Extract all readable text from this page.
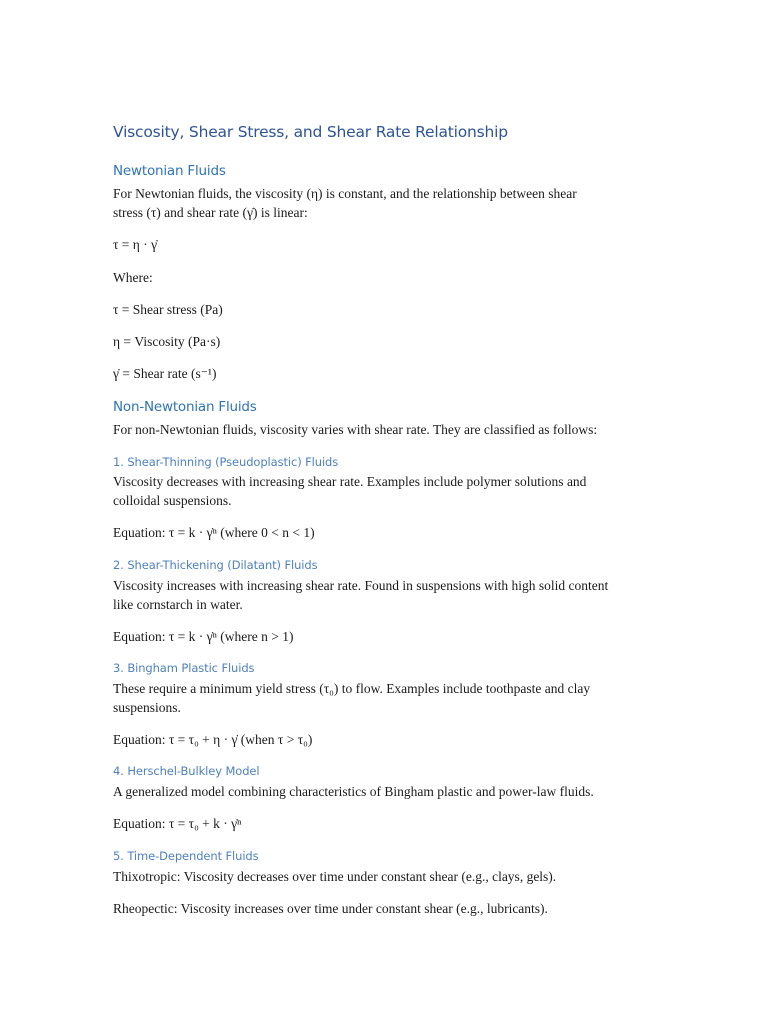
Viscosity, Shear Stress, and Shear Rate Relationship
Newtonian Fluids
For Newtonian fluids, the viscosity (η) is constant, and the relationship between shear
stress (τ) and shear rate (γ̇) is linear:
τ = η · γ̇
Where:
τ = Shear stress (Pa)
η = Viscosity (Pa·s)
γ̇ = Shear rate (s⁻¹)
Non-Newtonian Fluids
For non-Newtonian fluids, viscosity varies with shear rate. They are classified as follows:
1. Shear-Thinning (Pseudoplastic) Fluids
Viscosity decreases with increasing shear rate. Examples include polymer solutions and
colloidal suspensions.
Equation: τ = k · γ̇ⁿ (where 0 < n < 1)
2. Shear-Thickening (Dilatant) Fluids
Viscosity increases with increasing shear rate. Found in suspensions with high solid content
like cornstarch in water.
Equation: τ = k · γ̇ⁿ (where n > 1)
3. Bingham Plastic Fluids
These require a minimum yield stress (τ₀) to flow. Examples include toothpaste and clay
suspensions.
Equation: τ = τ₀ + η · γ̇ (when τ > τ₀)
4. Herschel-Bulkley Model
A generalized model combining characteristics of Bingham plastic and power-law fluids.
Equation: τ = τ₀ + k · γ̇ⁿ
5. Time-Dependent Fluids
Thixotropic: Viscosity decreases over time under constant shear (e.g., clays, gels).
Rheopectic: Viscosity increases over time under constant shear (e.g., lubricants).
